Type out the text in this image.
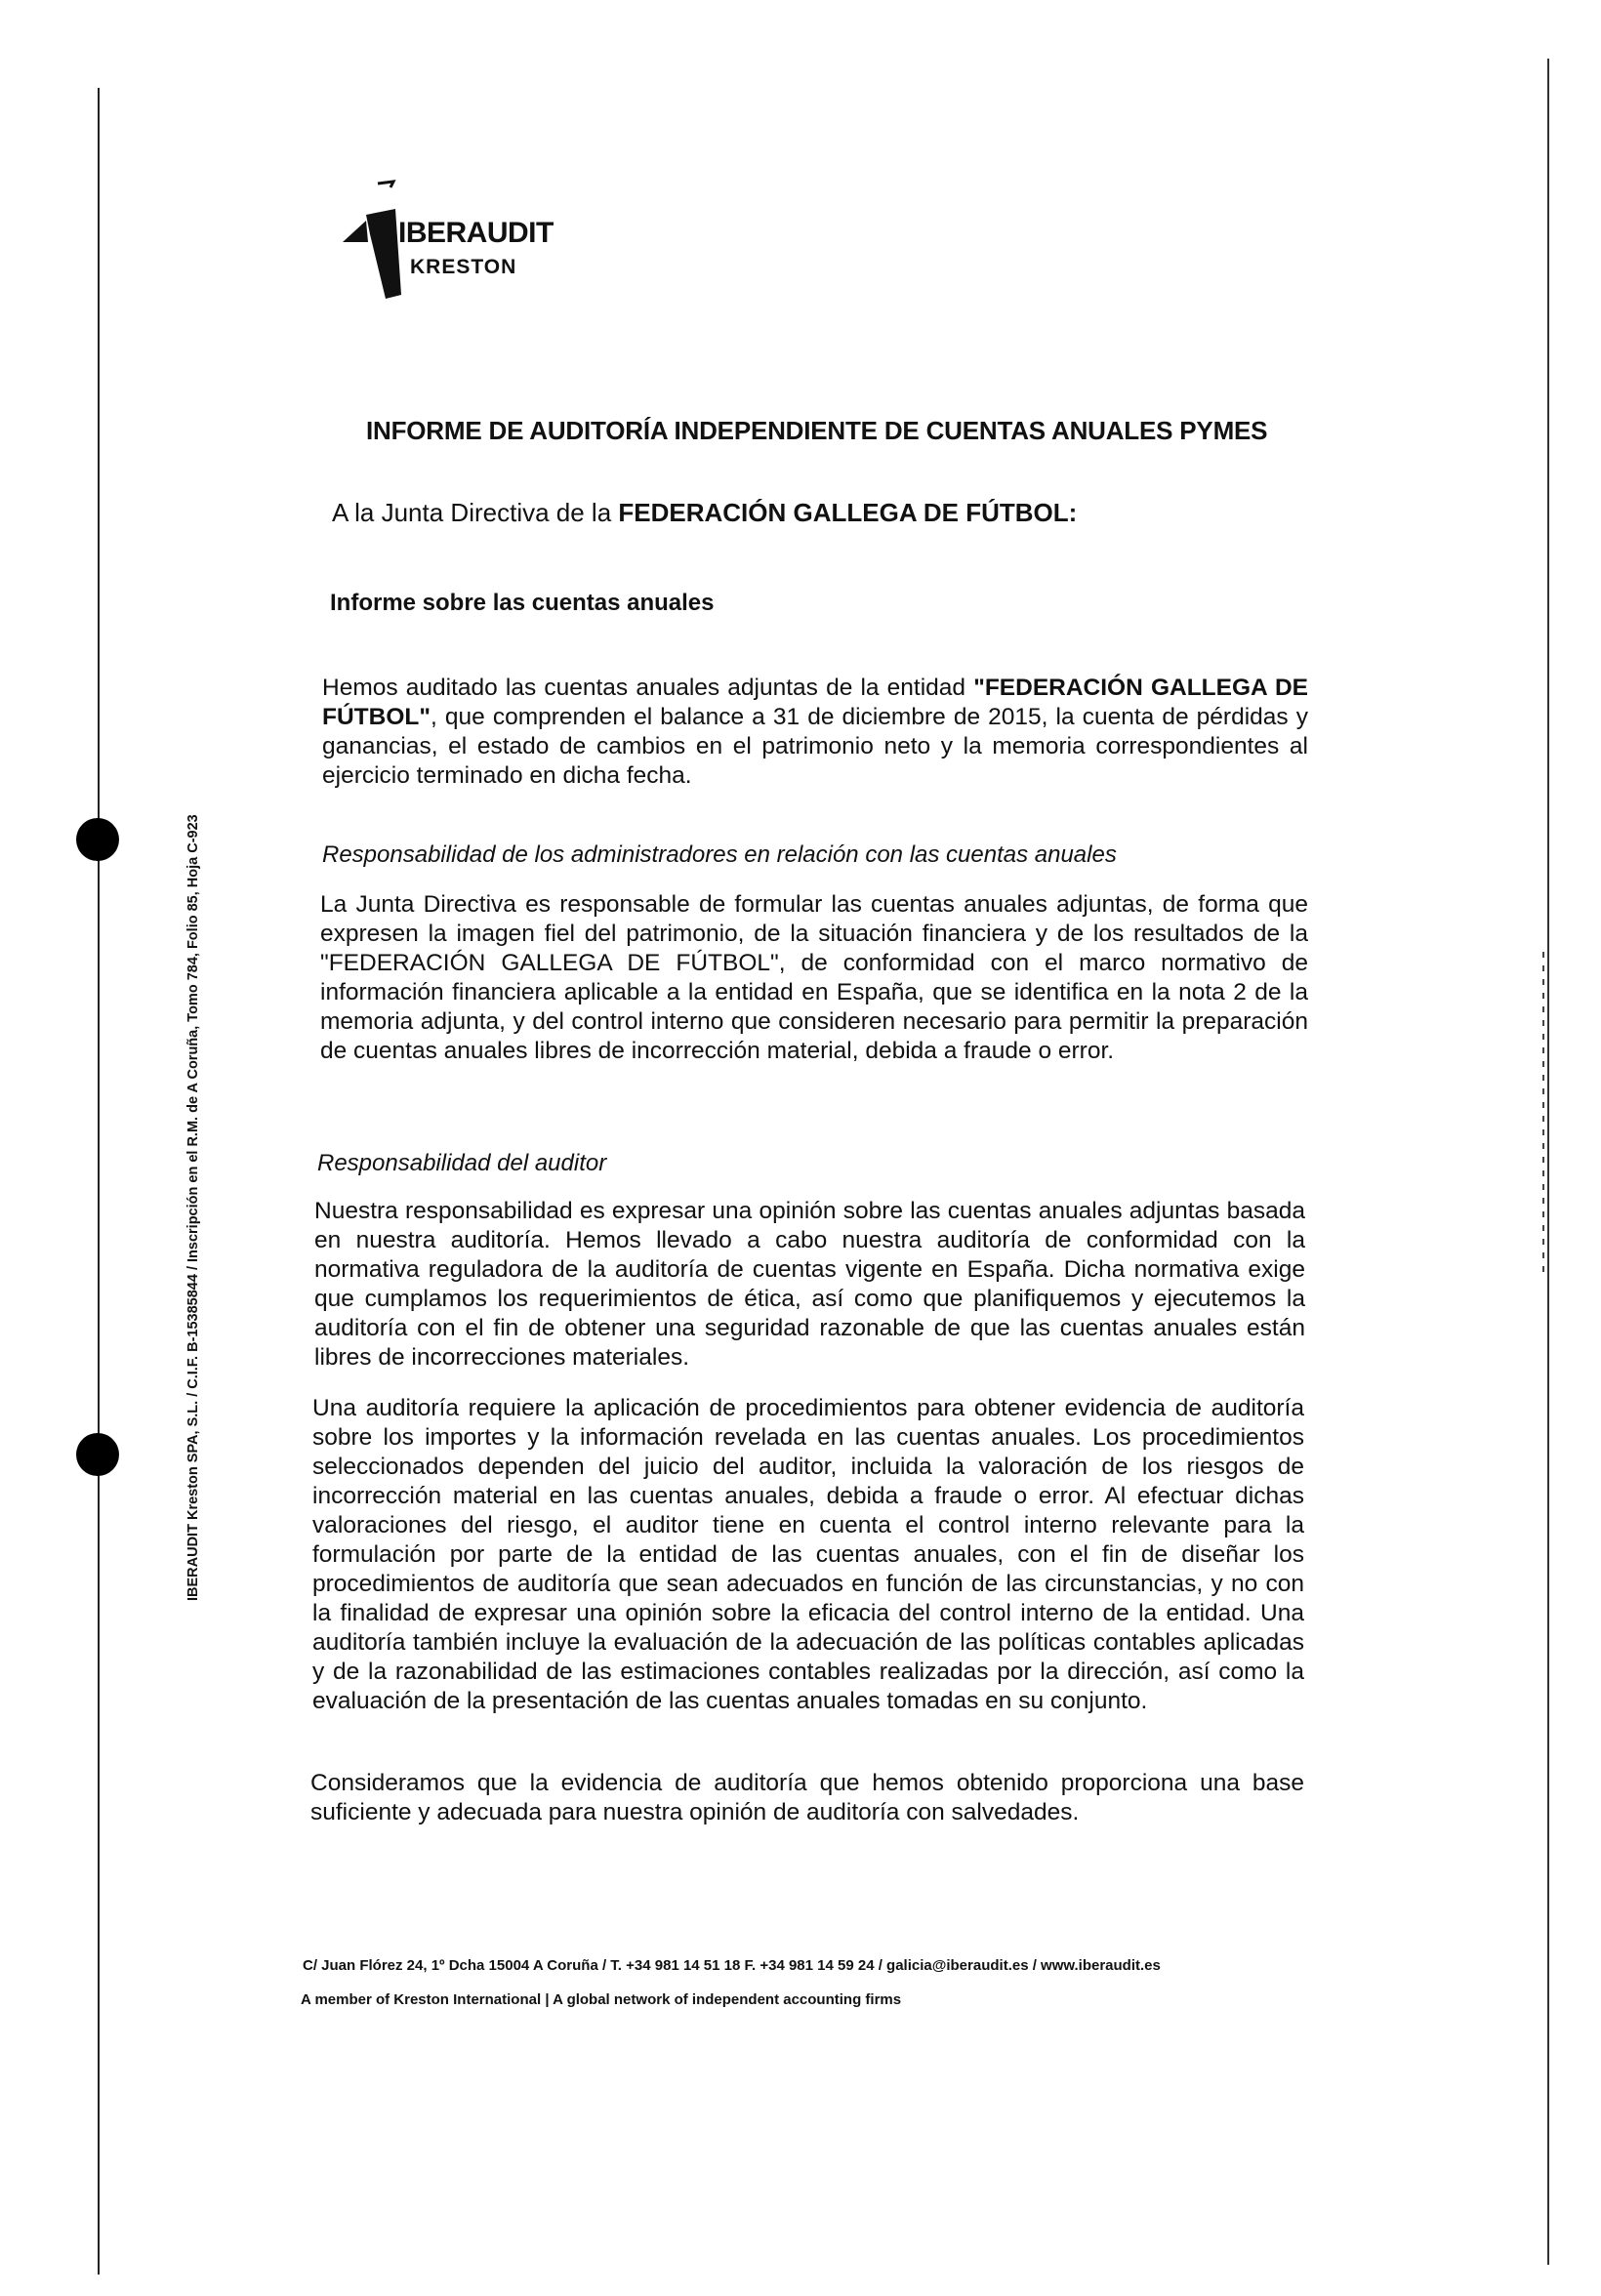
IBERAUDIT
KRESTON
IBERAUDIT Kreston SPA, S.L. / C.I.F. B-15385844 / Inscripción en el R.M. de A Coruña, Tomo 784, Folio 85, Hoja C-923
INFORME DE AUDITORÍA INDEPENDIENTE DE CUENTAS ANUALES PYMES
A la Junta Directiva de la FEDERACIÓN GALLEGA DE FÚTBOL:
Informe sobre las cuentas anuales
Hemos auditado las cuentas anuales adjuntas de la entidad "FEDERACIÓN GALLEGA DE FÚTBOL", que comprenden el balance a 31 de diciembre de 2015, la cuenta de pérdidas y ganancias, el estado de cambios en el patrimonio neto y la memoria correspondientes al ejercicio terminado en dicha fecha.
Responsabilidad de los administradores en relación con las cuentas anuales
La Junta Directiva es responsable de formular las cuentas anuales adjuntas, de forma que expresen la imagen fiel del patrimonio, de la situación financiera y de los resultados de la "FEDERACIÓN GALLEGA DE FÚTBOL", de conformidad con el marco normativo de información financiera aplicable a la entidad en España, que se identifica en la nota 2 de la memoria adjunta, y del control interno que consideren necesario para permitir la preparación de cuentas anuales libres de incorrección material, debida a fraude o error.
Responsabilidad del auditor
Nuestra responsabilidad es expresar una opinión sobre las cuentas anuales adjuntas basada en nuestra auditoría. Hemos llevado a cabo nuestra auditoría de conformidad con la normativa reguladora de la auditoría de cuentas vigente en España. Dicha normativa exige que cumplamos los requerimientos de ética, así como que planifiquemos y ejecutemos la auditoría con el fin de obtener una seguridad razonable de que las cuentas anuales están libres de incorrecciones materiales.
Una auditoría requiere la aplicación de procedimientos para obtener evidencia de auditoría sobre los importes y la información revelada en las cuentas anuales. Los procedimientos seleccionados dependen del juicio del auditor, incluida la valoración de los riesgos de incorrección material en las cuentas anuales, debida a fraude o error. Al efectuar dichas valoraciones del riesgo, el auditor tiene en cuenta el control interno relevante para la formulación por parte de la entidad de las cuentas anuales, con el fin de diseñar los procedimientos de auditoría que sean adecuados en función de las circunstancias, y no con la finalidad de expresar una opinión sobre la eficacia del control interno de la entidad. Una auditoría también incluye la evaluación de la adecuación de las políticas contables aplicadas y de la razonabilidad de las estimaciones contables realizadas por la dirección, así como la evaluación de la presentación de las cuentas anuales tomadas en su conjunto.
Consideramos que la evidencia de auditoría que hemos obtenido proporciona una base suficiente y adecuada para nuestra opinión de auditoría con salvedades.
C/ Juan Flórez 24, 1º Dcha 15004 A Coruña / T. +34 981 14 51 18 F. +34 981 14 59 24 / galicia@iberaudit.es / www.iberaudit.es
A member of Kreston International | A global network of independent accounting firms
